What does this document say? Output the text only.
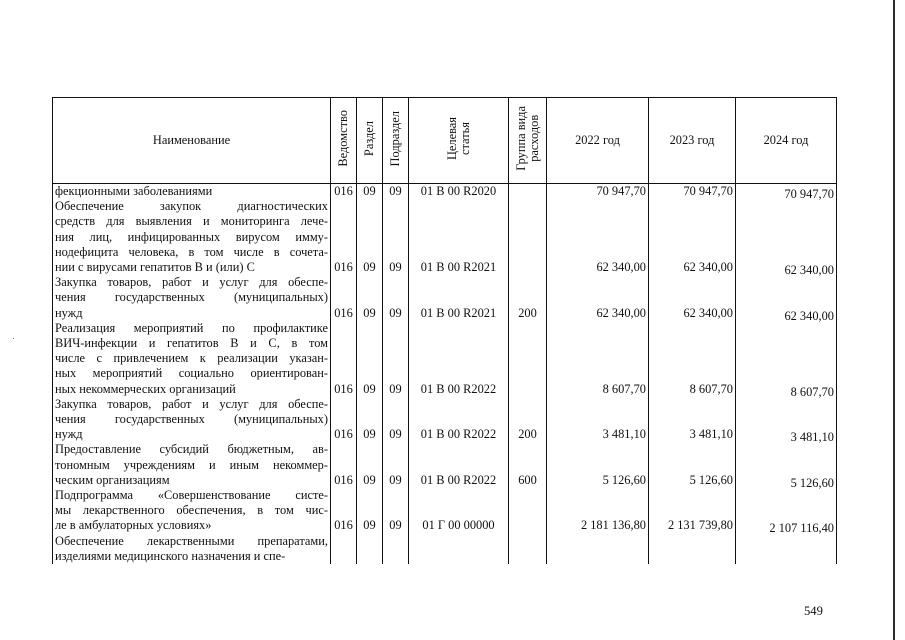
Наименование	Ведомство	Раздел	Подраздел	Целевая
статья	Группа вида
расходов	2022 год	2023 год	2024 год

фекционными заболеваниями	016	09	09	01 В 00 R2020		70 947,70	70 947,70	70 947,70

Обеспечение закупок диагностических
средств для выявления и мониторинга лече-
ния лиц, инфицированных вирусом имму-
нодефицита человека, в том числе в сочета-
нии с вирусами гепатитов В и (или) С	016	09	09	01 В 00 R2021		62 340,00	62 340,00	62 340,00

Закупка товаров, работ и услуг для обеспе-
чения государственных (муниципальных)
нужд	016	09	09	01 В 00 R2021	200	62 340,00	62 340,00	62 340,00

Реализация мероприятий по профилактике
ВИЧ-инфекции и гепатитов В и С, в том
числе с привлечением к реализации указан-
ных мероприятий социально ориентирован-
ных некоммерческих организаций	016	09	09	01 В 00 R2022		8 607,70	8 607,70	8 607,70

Закупка товаров, работ и услуг для обеспе-
чения государственных (муниципальных)
нужд	016	09	09	01 В 00 R2022	200	3 481,10	3 481,10	3 481,10

Предоставление субсидий бюджетным, ав-
тономным учреждениям и иным некоммер-
ческим организациям	016	09	09	01 В 00 R2022	600	5 126,60	5 126,60	5 126,60

Подпрограмма «Совершенствование систе-
мы лекарственного обеспечения, в том чис-
ле в амбулаторных условиях»	016	09	09	01 Г 00 00000		2 181 136,80	2 131 739,80	2 107 116,40

Обеспечение лекарственными препаратами,
изделиями медицинского назначения и спе-								

549
